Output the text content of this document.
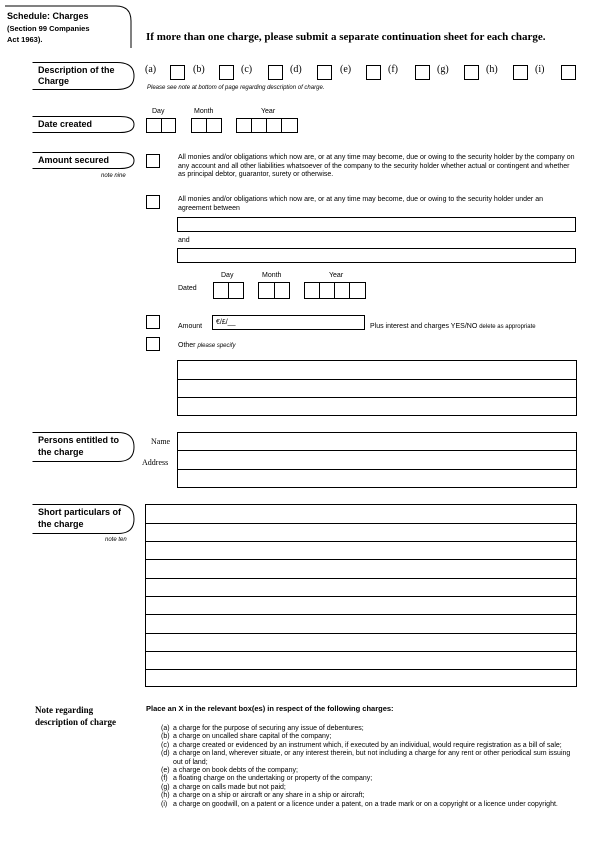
Schedule: Charges
(Section 99 Companies
Act 1963).	If more than one charge, please submit a separate continuation sheet for each charge.
Description of the
Charge
(a)	(b)	(c)	(d)	(e)	(f)	(g)	(h)	(i)
Please see note at bottom of page regarding description of charge.
Day	Month	Year
Date created
Amount secured
note nine
All monies and/or obligations which now are, or at any time may become, due or owing to the security holder by the company on any account and all other liabilities whatsoever of the company to the security holder whether actual or contingent and whether as principal debtor, guarantor, surety or otherwise.
All monies and/or obligations which now are, or at any time may become, due or owing to the security holder under an agreement between
and
Day	Month	Year
Dated
Amount
€/£/__
Plus interest and charges YES/NO delete as appropriate
Other please specify
Persons entitled to
the charge
Name
Address
Short particulars of
the charge
note ten
Note regarding
description of charge
Place an X in the relevant box(es) in respect of the following charges:
(a) a charge for the purpose of securing any issue of debentures;
(b) a charge on uncalled share capital of the company;
(c) a charge created or evidenced by an instrument which, if executed by an individual, would require registration as a bill of sale;
(d) a charge on land, wherever situate, or any interest therein, but not including a charge for any rent or other periodical sum issuing out of land;
(e) a charge on book debts of the company;
(f) a floating charge on the undertaking or property of the company;
(g) a charge on calls made but not paid;
(h) a charge on a ship or aircraft or any share in a ship or aircraft;
(i) a charge on goodwill, on a patent or a licence under a patent, on a trade mark or on a copyright or a licence under copyright.
